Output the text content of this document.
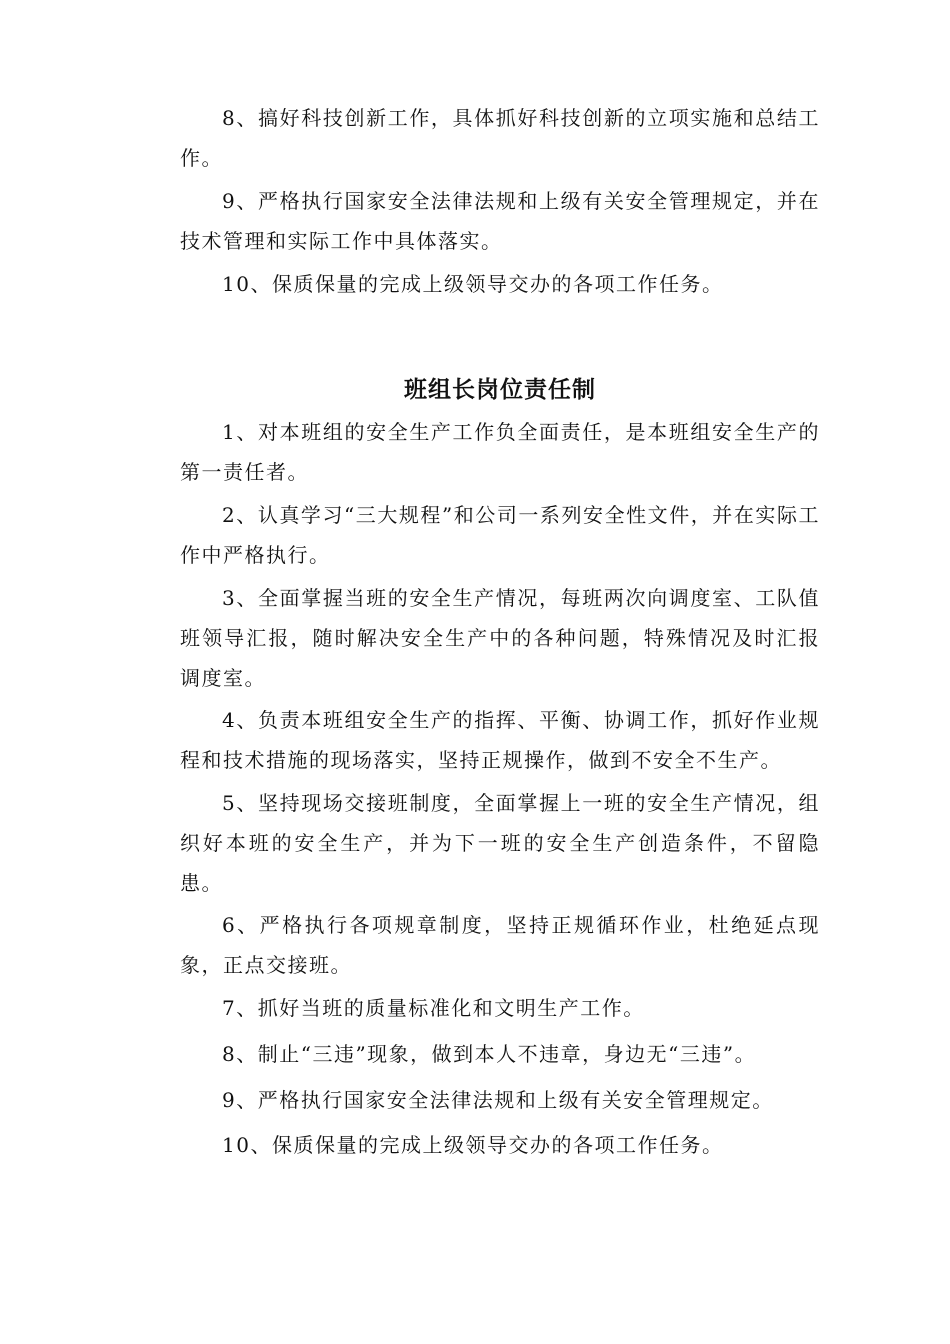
8、搞好科技创新工作，具体抓好科技创新的立项实施和总结工作。

9、严格执行国家安全法律法规和上级有关安全管理规定，并在技术管理和实际工作中具体落实。

10、保质保量的完成上级领导交办的各项工作任务。

班组长岗位责任制

1、对本班组的安全生产工作负全面责任，是本班组安全生产的第一责任者。

2、认真学习“三大规程”和公司一系列安全性文件，并在实际工作中严格执行。

3、全面掌握当班的安全生产情况，每班两次向调度室、工队值班领导汇报，随时解决安全生产中的各种问题，特殊情况及时汇报调度室。

4、负责本班组安全生产的指挥、平衡、协调工作，抓好作业规程和技术措施的现场落实，坚持正规操作，做到不安全不生产。

5、坚持现场交接班制度，全面掌握上一班的安全生产情况，组织好本班的安全生产，并为下一班的安全生产创造条件，不留隐患。

6、严格执行各项规章制度，坚持正规循环作业，杜绝延点现象，正点交接班。

7、抓好当班的质量标准化和文明生产工作。

8、制止“三违”现象，做到本人不违章，身边无“三违”。

9、严格执行国家安全法律法规和上级有关安全管理规定。

10、保质保量的完成上级领导交办的各项工作任务。
